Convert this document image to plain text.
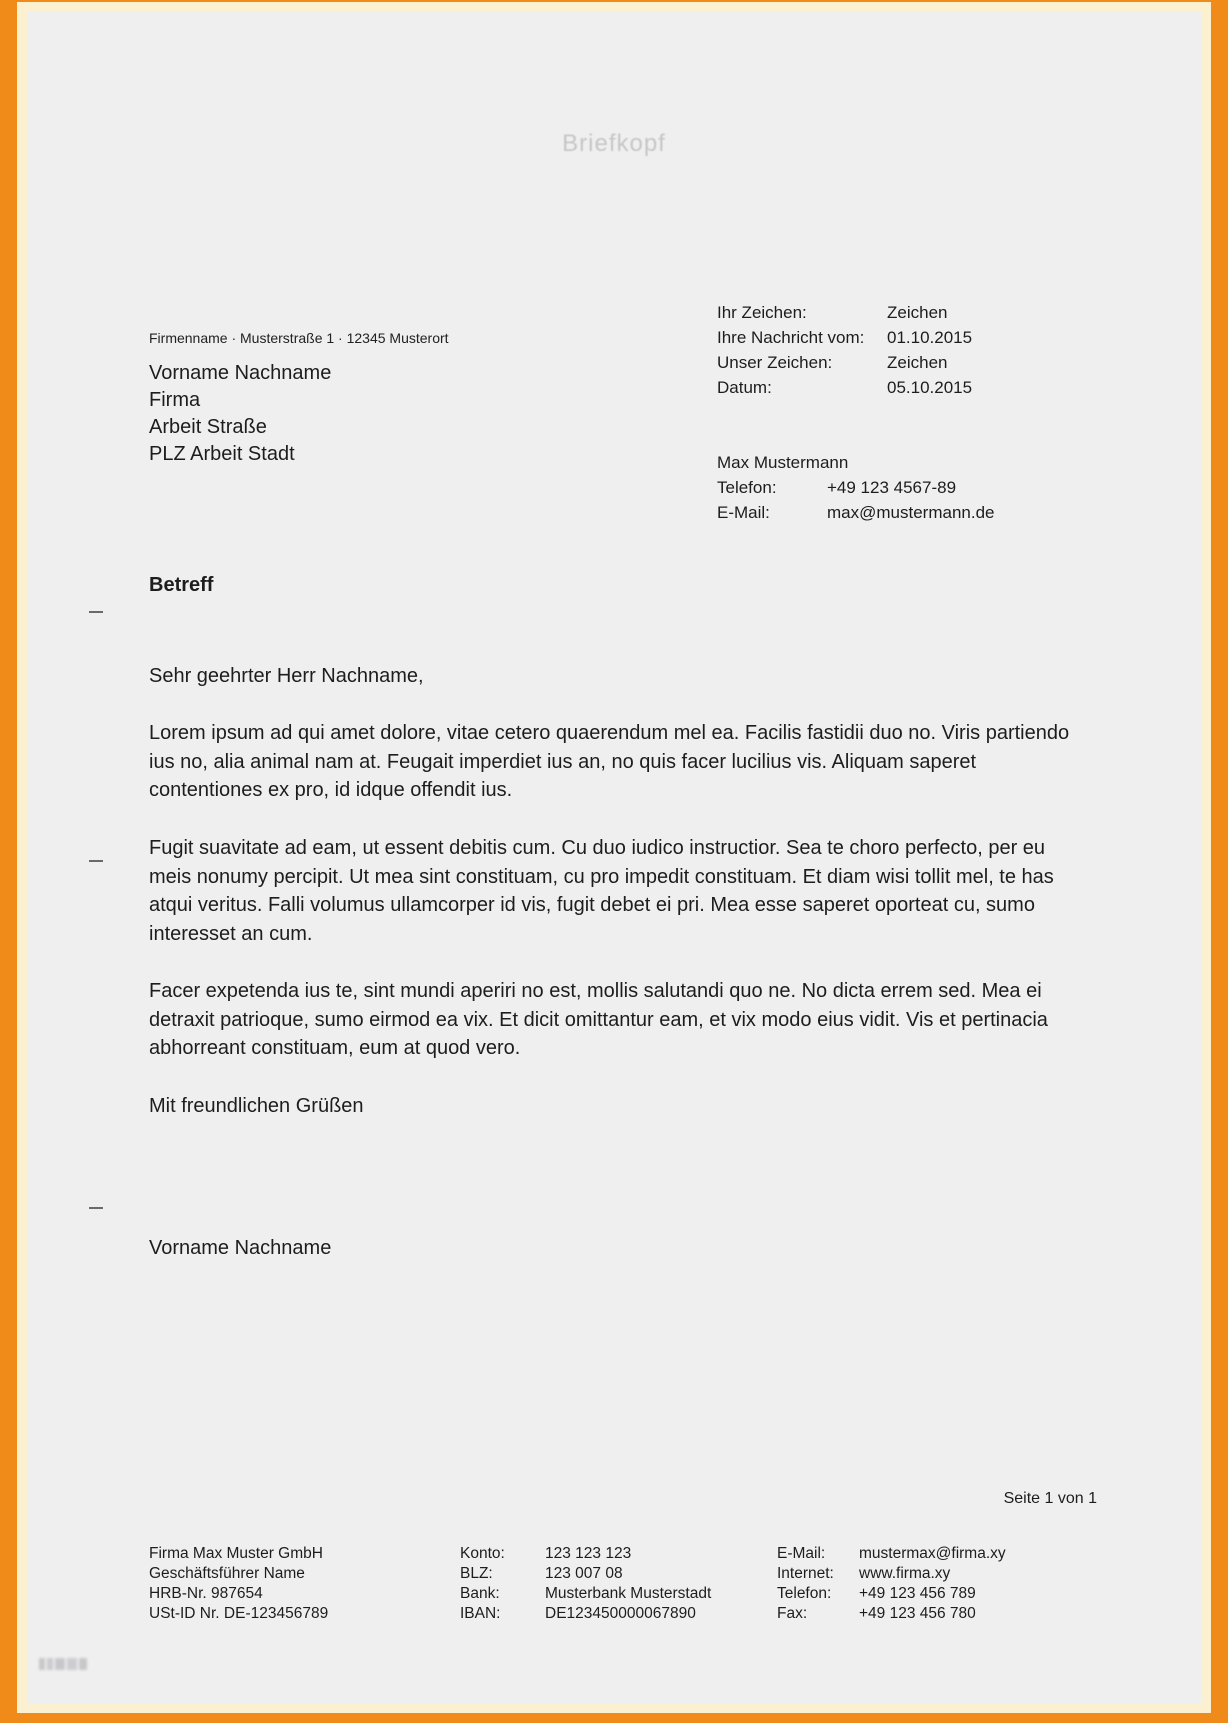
Briefkopf
Firmenname · Musterstraße 1 · 12345 Musterort
Vorname Nachname
Firma
Arbeit Straße
PLZ Arbeit Stadt
Ihr Zeichen:	Zeichen
Ihre Nachricht vom:	01.10.2015
Unser Zeichen:	Zeichen
Datum:	05.10.2015
Max Mustermann
Telefon:	+49 123 4567-89
E-Mail:	max@mustermann.de
Betreff
Sehr geehrter Herr Nachname,
Lorem ipsum ad qui amet dolore, vitae cetero quaerendum mel ea. Facilis fastidii duo no. Viris partiendo ius no, alia animal nam at. Feugait imperdiet ius an, no quis facer lucilius vis. Aliquam saperet contentiones ex pro, id idque offendit ius.
Fugit suavitate ad eam, ut essent debitis cum. Cu duo iudico instructior. Sea te choro perfecto, per eu meis nonumy percipit. Ut mea sint constituam, cu pro impedit constituam. Et diam wisi tollit mel, te has atqui veritus. Falli volumus ullamcorper id vis, fugit debet ei pri. Mea esse saperet oporteat cu, sumo interesset an cum.
Facer expetenda ius te, sint mundi aperiri no est, mollis salutandi quo ne. No dicta errem sed. Mea ei detraxit patrioque, sumo eirmod ea vix. Et dicit omittantur eam, et vix modo eius vidit. Vis et pertinacia abhorreant constituam, eum at quod vero.
Mit freundlichen Grüßen
Vorname Nachname
Seite 1 von 1
Firma Max Muster GmbH
Geschäftsführer Name
HRB-Nr. 987654
USt-ID Nr. DE-123456789
Konto:	123 123 123
BLZ:	123 007 08
Bank:	Musterbank Musterstadt
IBAN:	DE123450000067890
E-Mail:	mustermax@firma.xy
Internet:	www.firma.xy
Telefon:	+49 123 456 789
Fax:	+49 123 456 780
